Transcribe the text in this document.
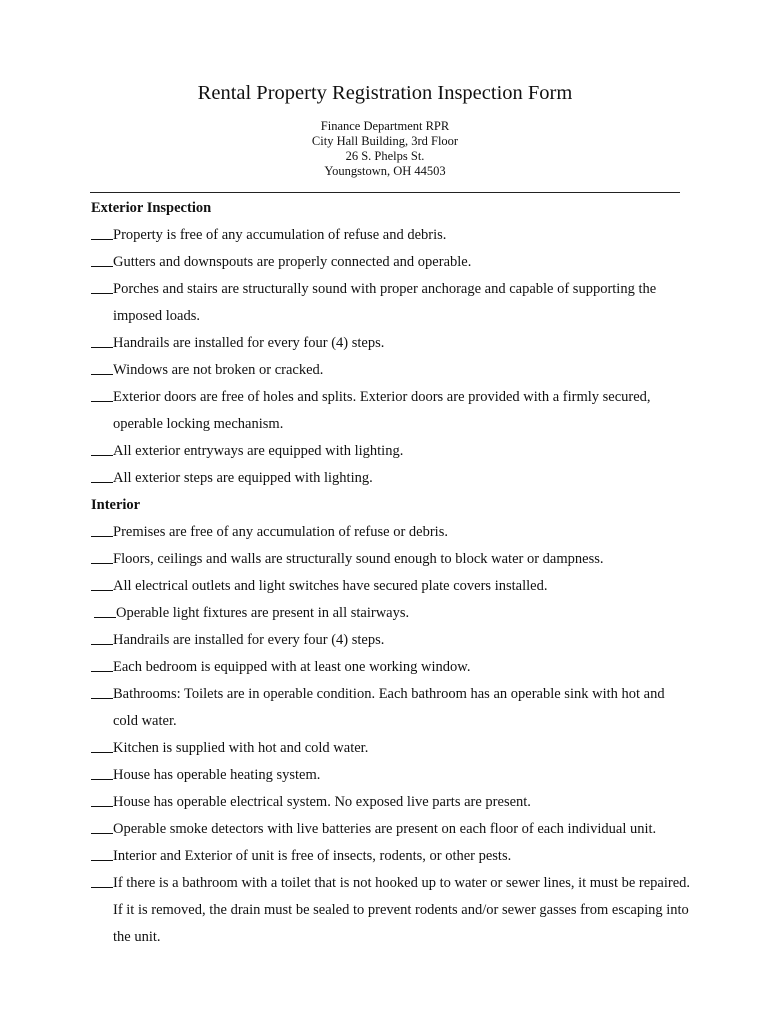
Rental Property Registration Inspection Form
Finance Department RPR
City Hall Building, 3rd Floor
26 S. Phelps St.
Youngstown, OH 44503
Exterior Inspection
Property is free of any accumulation of refuse and debris.
Gutters and downspouts are properly connected and operable.
Porches and stairs are structurally sound with proper anchorage and capable of supporting the imposed loads.
Handrails are installed for every four (4) steps.
Windows are not broken or cracked.
Exterior doors are free of holes and splits. Exterior doors are provided with a firmly secured, operable locking mechanism.
All exterior entryways are equipped with lighting.
All exterior steps are equipped with lighting.
Interior
Premises are free of any accumulation of refuse or debris.
Floors, ceilings and walls are structurally sound enough to block water or dampness.
All electrical outlets and light switches have secured plate covers installed.
Operable light fixtures are present in all stairways.
Handrails are installed for every four (4) steps.
Each bedroom is equipped with at least one working window.
Bathrooms: Toilets are in operable condition. Each bathroom has an operable sink with hot and cold water.
Kitchen is supplied with hot and cold water.
House has operable heating system.
House has operable electrical system. No exposed live parts are present.
Operable smoke detectors with live batteries are present on each floor of each individual unit.
Interior and Exterior of unit is free of insects, rodents, or other pests.
If there is a bathroom with a toilet that is not hooked up to water or sewer lines, it must be repaired. If it is removed, the drain must be sealed to prevent rodents and/or sewer gasses from escaping into the unit.
